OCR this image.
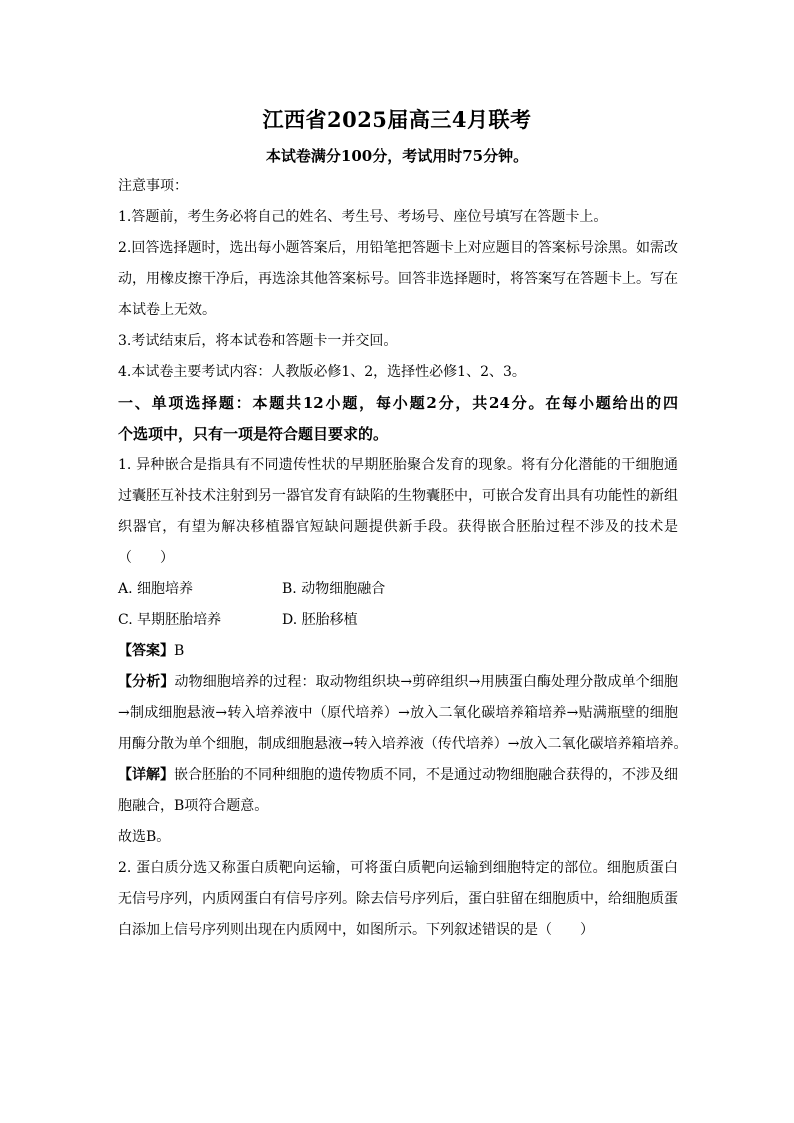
江西省2025届高三4月联考
本试卷满分100分，考试用时75分钟。
注意事项：
1.答题前，考生务必将自己的姓名、考生号、考场号、座位号填写在答题卡上。
2.回答选择题时，选出每小题答案后，用铅笔把答题卡上对应题目的答案标号涂黑。如需改
动，用橡皮擦干净后，再选涂其他答案标号。回答非选择题时，将答案写在答题卡上。写在
本试卷上无效。
3.考试结束后，将本试卷和答题卡一并交回。
4.本试卷主要考试内容：人教版必修1、2，选择性必修1、2、3。
一、单项选择题：本题共12小题，每小题2分，共24分。在每小题给出的四
个选项中，只有一项是符合题目要求的。
1. 异种嵌合是指具有不同遗传性状的早期胚胎聚合发育的现象。将有分化潜能的干细胞通
过囊胚互补技术注射到另一器官发育有缺陷的生物囊胚中，可嵌合发育出具有功能性的新组
织器官，有望为解决移植器官短缺问题提供新手段。获得嵌合胚胎过程不涉及的技术是
（　　）
A. 细胞培养	B. 动物细胞融合
C. 早期胚胎培养	D. 胚胎移植
【答案】B
【分析】动物细胞培养的过程：取动物组织块→剪碎组织→用胰蛋白酶处理分散成单个细胞
→制成细胞悬液→转入培养液中（原代培养）→放入二氧化碳培养箱培养→贴满瓶壁的细胞
用酶分散为单个细胞，制成细胞悬液→转入培养液（传代培养）→放入二氧化碳培养箱培养。
【详解】嵌合胚胎的不同种细胞的遗传物质不同，不是通过动物细胞融合获得的，不涉及细
胞融合，B项符合题意。
故选B。
2. 蛋白质分选又称蛋白质靶向运输，可将蛋白质靶向运输到细胞特定的部位。细胞质蛋白
无信号序列，内质网蛋白有信号序列。除去信号序列后，蛋白驻留在细胞质中，给细胞质蛋
白添加上信号序列则出现在内质网中，如图所示。下列叙述错误的是（　　）
